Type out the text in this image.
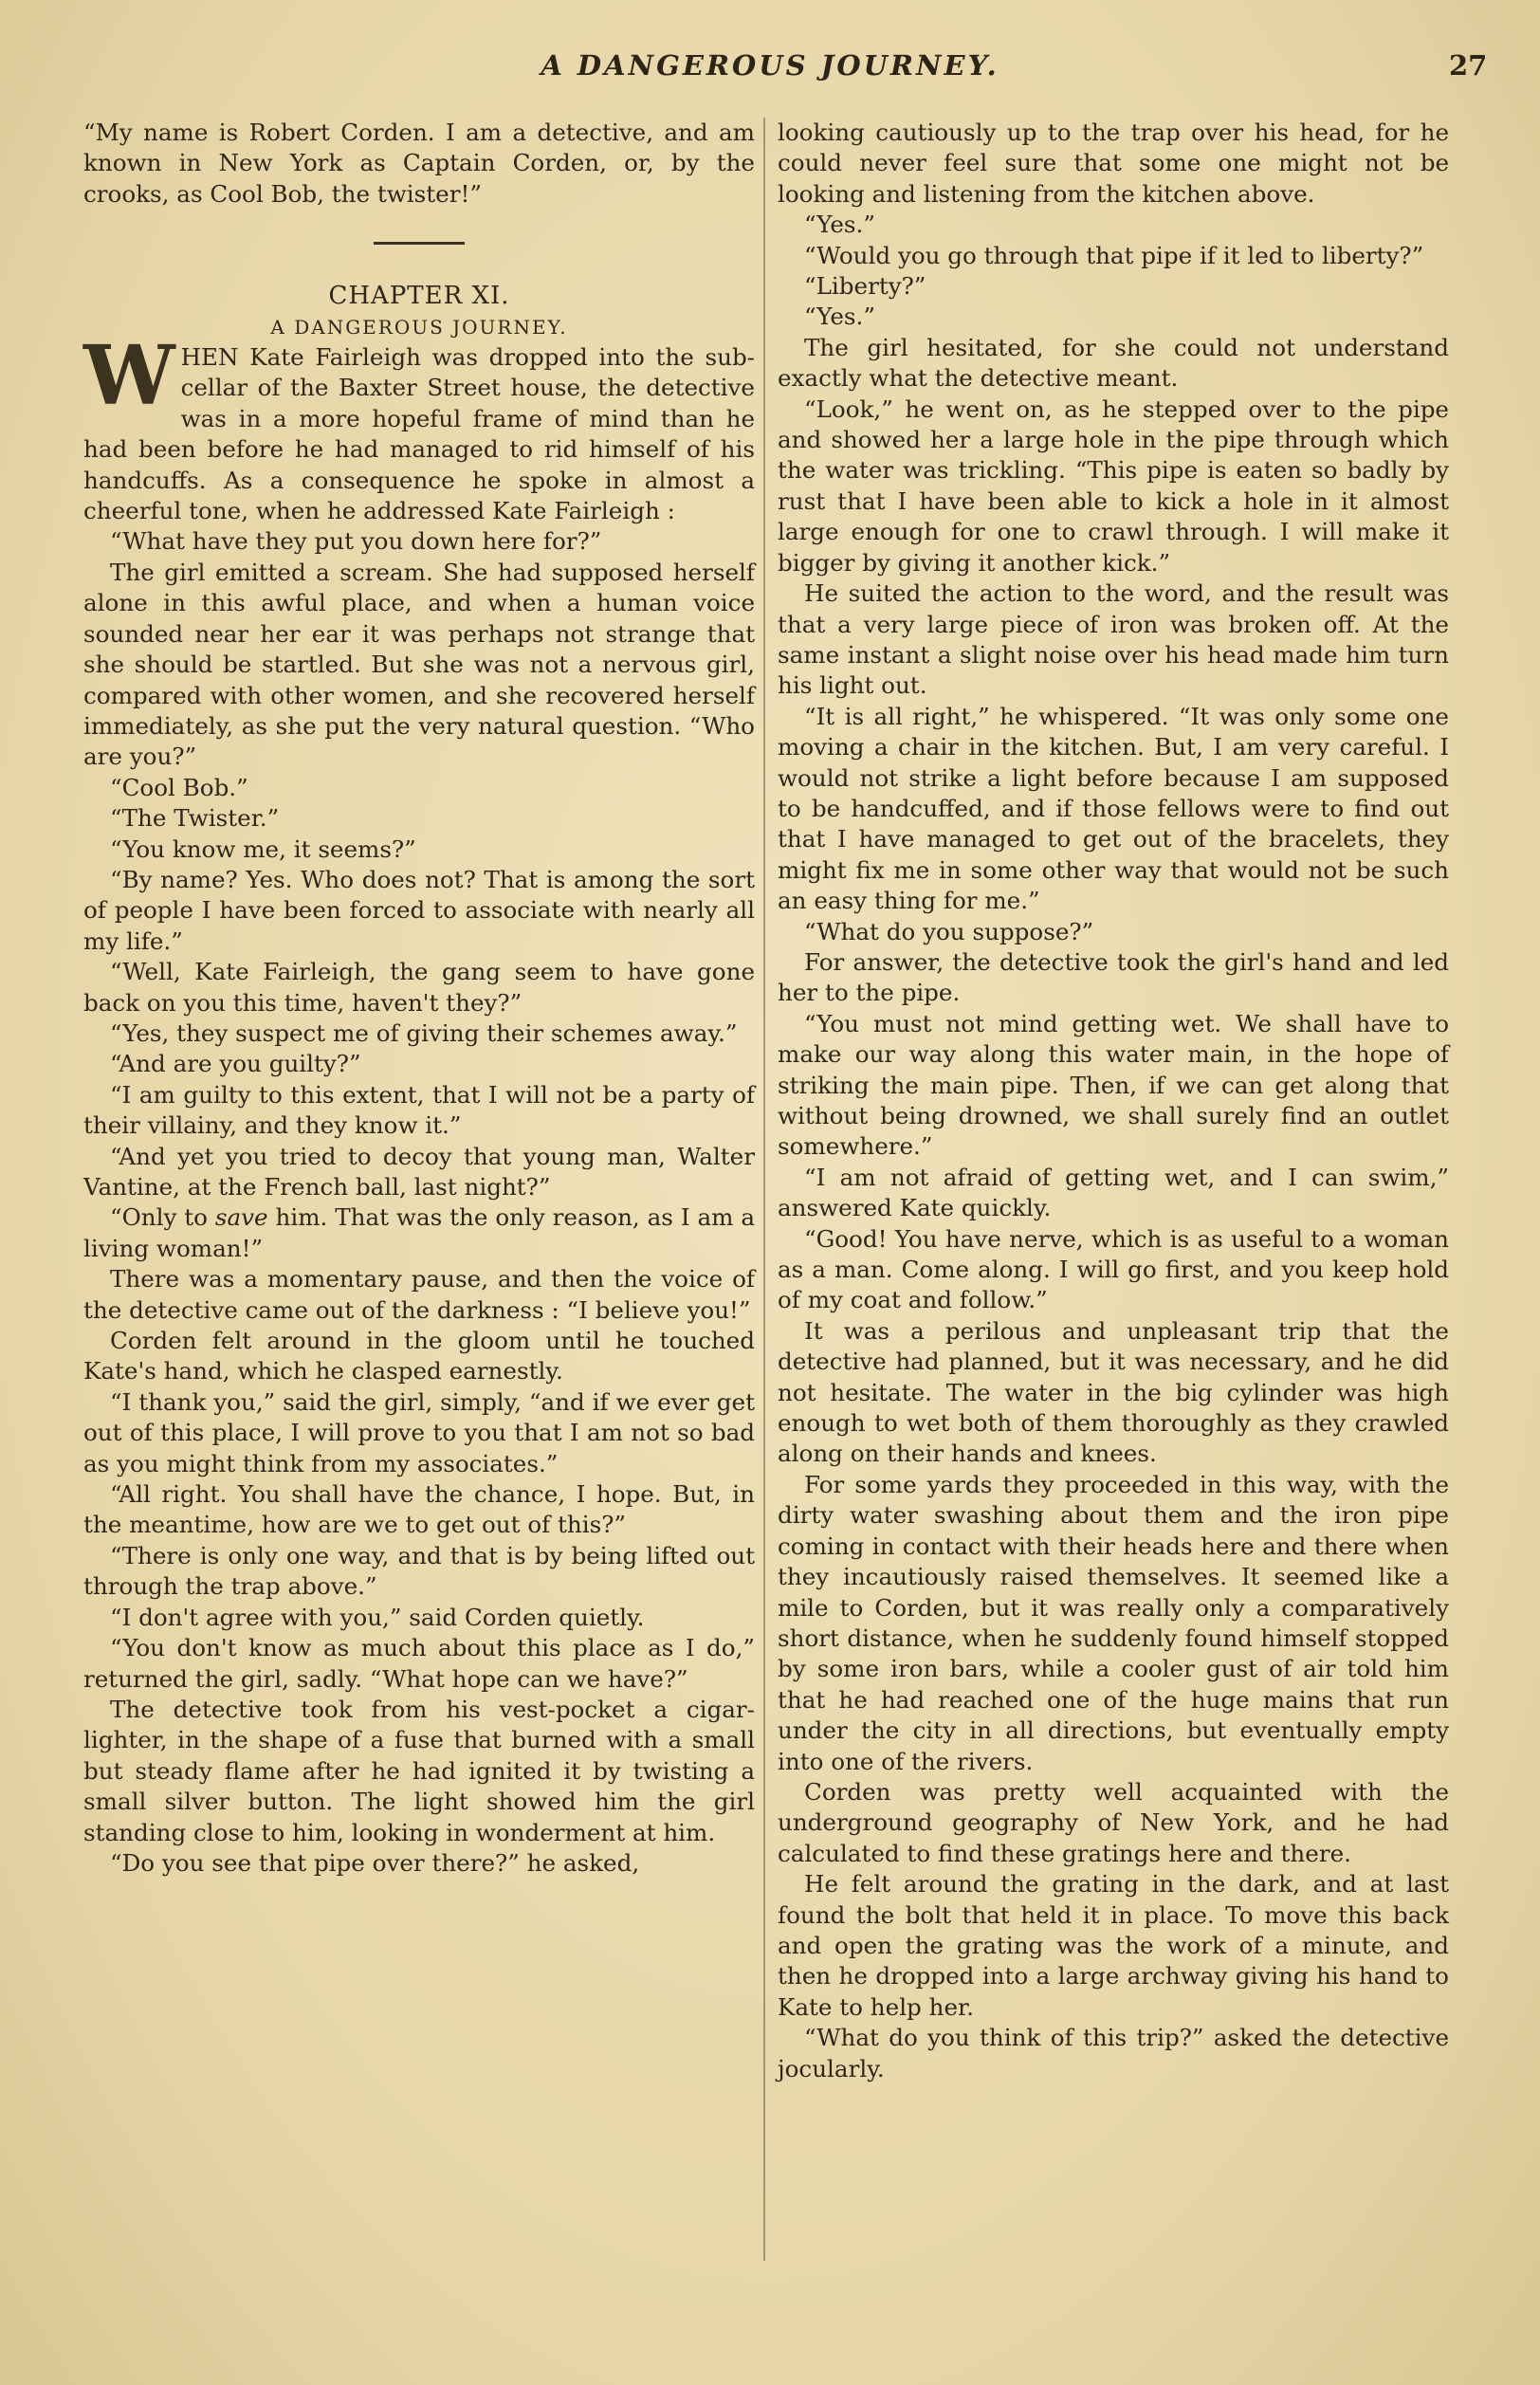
A DANGEROUS JOURNEY.	27

“My name is Robert Corden. I am a detective, and am known in New York as Captain Corden, or, by the crooks, as Cool Bob, the twister!”

CHAPTER XI.

A DANGEROUS JOURNEY.

WHEN Kate Fairleigh was dropped into the sub-cellar of the Baxter Street house, the detective was in a more hopeful frame of mind than he had been before he had managed to rid himself of his handcuffs. As a consequence he spoke in almost a cheerful tone, when he addressed Kate Fairleigh :

“What have they put you down here for?”

The girl emitted a scream. She had supposed herself alone in this awful place, and when a human voice sounded near her ear it was perhaps not strange that she should be startled. But she was not a nervous girl, compared with other women, and she recovered herself immediately, as she put the very natural question. “Who are you?”

“Cool Bob.”

“The Twister.”

“You know me, it seems?”

“By name? Yes. Who does not? That is among the sort of people I have been forced to associate with nearly all my life.”

“Well, Kate Fairleigh, the gang seem to have gone back on you this time, haven't they?”

“Yes, they suspect me of giving their schemes away.”

“And are you guilty?”

“I am guilty to this extent, that I will not be a party of their villainy, and they know it.”

“And yet you tried to decoy that young man, Walter Vantine, at the French ball, last night?”

“Only to save him. That was the only reason, as I am a living woman!”

There was a momentary pause, and then the voice of the detective came out of the darkness : “I believe you!”

Corden felt around in the gloom until he touched Kate's hand, which he clasped earnestly.

“I thank you,” said the girl, simply, “and if we ever get out of this place, I will prove to you that I am not so bad as you might think from my associates.”

“All right. You shall have the chance, I hope. But, in the meantime, how are we to get out of this?”

“There is only one way, and that is by being lifted out through the trap above.”

“I don't agree with you,” said Corden quietly.

“You don't know as much about this place as I do,” returned the girl, sadly. “What hope can we have?”

The detective took from his vest-pocket a cigar-lighter, in the shape of a fuse that burned with a small but steady flame after he had ignited it by twisting a small silver button. The light showed him the girl standing close to him, looking in wonderment at him.

“Do you see that pipe over there?” he asked,

looking cautiously up to the trap over his head, for he could never feel sure that some one might not be looking and listening from the kitchen above.

“Yes.”

“Would you go through that pipe if it led to liberty?”

“Liberty?”

“Yes.”

The girl hesitated, for she could not understand exactly what the detective meant.

“Look,” he went on, as he stepped over to the pipe and showed her a large hole in the pipe through which the water was trickling. “This pipe is eaten so badly by rust that I have been able to kick a hole in it almost large enough for one to crawl through. I will make it bigger by giving it another kick.”

He suited the action to the word, and the result was that a very large piece of iron was broken off. At the same instant a slight noise over his head made him turn his light out.

“It is all right,” he whispered. “It was only some one moving a chair in the kitchen. But, I am very careful. I would not strike a light before because I am supposed to be handcuffed, and if those fellows were to find out that I have managed to get out of the bracelets, they might fix me in some other way that would not be such an easy thing for me.”

“What do you suppose?”

For answer, the detective took the girl's hand and led her to the pipe.

“You must not mind getting wet. We shall have to make our way along this water main, in the hope of striking the main pipe. Then, if we can get along that without being drowned, we shall surely find an outlet somewhere.”

“I am not afraid of getting wet, and I can swim,” answered Kate quickly.

“Good! You have nerve, which is as useful to a woman as a man. Come along. I will go first, and you keep hold of my coat and follow.”

It was a perilous and unpleasant trip that the detective had planned, but it was necessary, and he did not hesitate. The water in the big cylinder was high enough to wet both of them thoroughly as they crawled along on their hands and knees.

For some yards they proceeded in this way, with the dirty water swashing about them and the iron pipe coming in contact with their heads here and there when they incautiously raised themselves. It seemed like a mile to Corden, but it was really only a comparatively short distance, when he suddenly found himself stopped by some iron bars, while a cooler gust of air told him that he had reached one of the huge mains that run under the city in all directions, but eventually empty into one of the rivers.

Corden was pretty well acquainted with the underground geography of New York, and he had calculated to find these gratings here and there.

He felt around the grating in the dark, and at last found the bolt that held it in place. To move this back and open the grating was the work of a minute, and then he dropped into a large archway giving his hand to Kate to help her.

“What do you think of this trip?” asked the detective jocularly.
